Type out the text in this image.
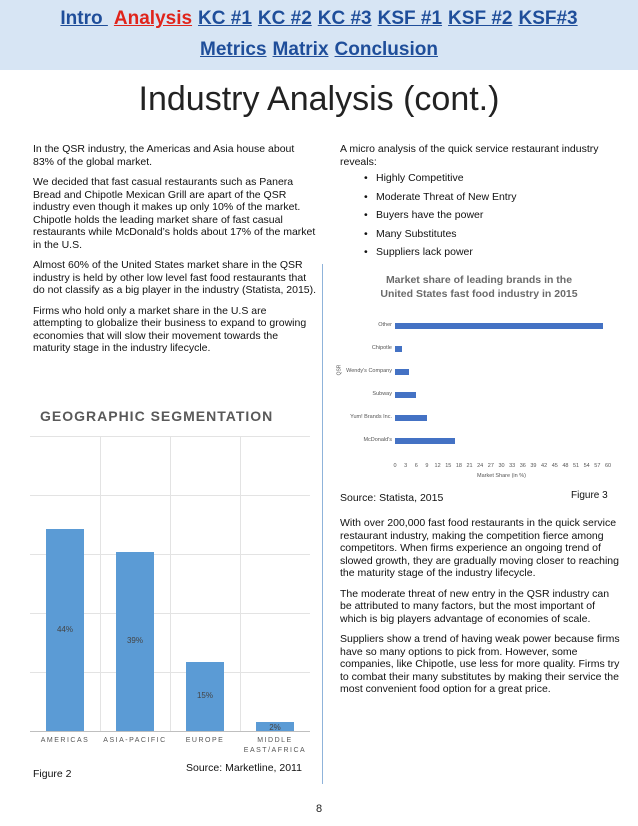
Intro Analysis KC #1 KC #2 KC #3 KSF #1 KSF #2 KSF#3
Metrics Matrix Conclusion
Industry Analysis (cont.)

In the QSR industry, the Americas and Asia house about 83% of the global market.

We decided that fast casual restaurants such as Panera Bread and Chipotle Mexican Grill are apart of the QSR industry even though it makes up only 10% of the market. Chipotle holds the leading market share of fast casual restaurants while McDonald’s holds about 17% of the market in the U.S.

Almost 60% of the United States market share in the QSR industry is held by other low level fast food restaurants that do not classify as a big player in the industry (Statista, 2015).

Firms who hold only a market share in the U.S are attempting to globalize their business to expand to growing economies that will slow their movement towards the maturity stage in the industry lifecycle.

A micro analysis of the quick service restaurant industry reveals:

• Highly Competitive
• Moderate Threat of New Entry
• Buyers have the power
• Many Substitutes
• Suppliers lack power
GEOGRAPHIC SEGMENTATION
44%
AMERICAS
39%
ASIA-PACIFIC
15%
EUROPE
2%
MIDDLE EAST/AFRICA
Figure 2	Source: Marketline, 2011
Market share of leading brands in the United States fast food industry in 2015
Other
Chipotle
Wendy's Company
Subway
Yum! Brands Inc.
McDonald's
0	3	6	9	12 15 18 21 24 27 30 33 36 39 42 45 48 51 54 57 60
Market Share (in %)
QSR
Source: Statista, 2015	Figure 3

With over 200,000 fast food restaurants in the quick service restaurant industry, making the competition fierce among competitors. When firms experience an ongoing trend of slowed growth, they are gradually moving closer to reaching the maturity stage of the industry lifecycle.

The moderate threat of new entry in the QSR industry can be attributed to many factors, but the most important of which is big players advantage of economies of scale.

Suppliers show a trend of having weak power because firms have so many options to pick from. However, some companies, like Chipotle, use less for more quality. Firms try to combat their many substitutes by making their service the most convenient food option for a great price.

8
